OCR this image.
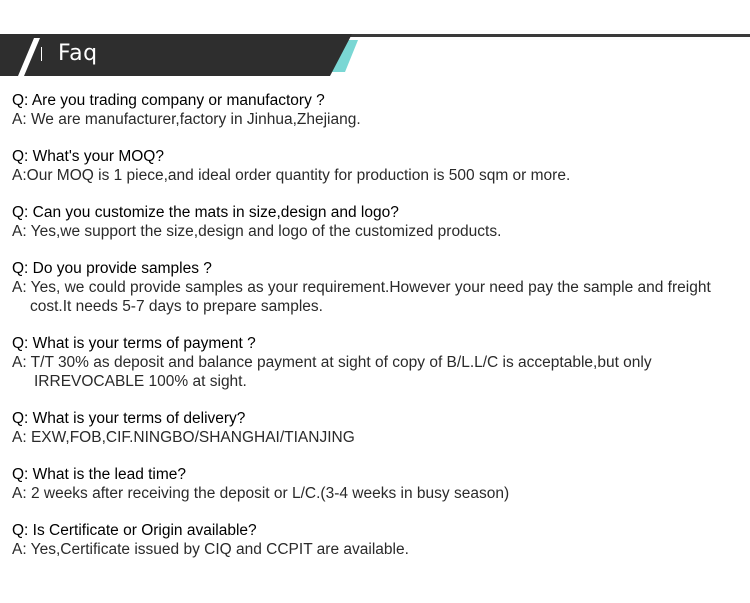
Faq
Q: Are you trading company or manufactory ?
A: We are manufacturer,factory in Jinhua,Zhejiang.
Q: What's your MOQ?
A:Our MOQ is 1 piece,and ideal order quantity for production is 500 sqm or more.
Q: Can you customize the mats in size,design and logo?
A: Yes,we support the size,design and logo of the customized products.
Q: Do you provide samples ?
A: Yes, we could provide samples as your requirement.However your need pay the sample and freight
cost.It needs 5-7 days to prepare samples.
Q: What is your terms of payment ?
A: T/T 30% as deposit and balance payment at sight of copy of B/L.L/C is acceptable,but only
IRREVOCABLE 100% at sight.
Q: What is your terms of delivery?
A: EXW,FOB,CIF.NINGBO/SHANGHAI/TIANJING
Q: What is the lead time?
A: 2 weeks after receiving the deposit or L/C.(3-4 weeks in busy season)
Q: Is Certificate or Origin available?
A: Yes,Certificate issued by CIQ and CCPIT are available.
